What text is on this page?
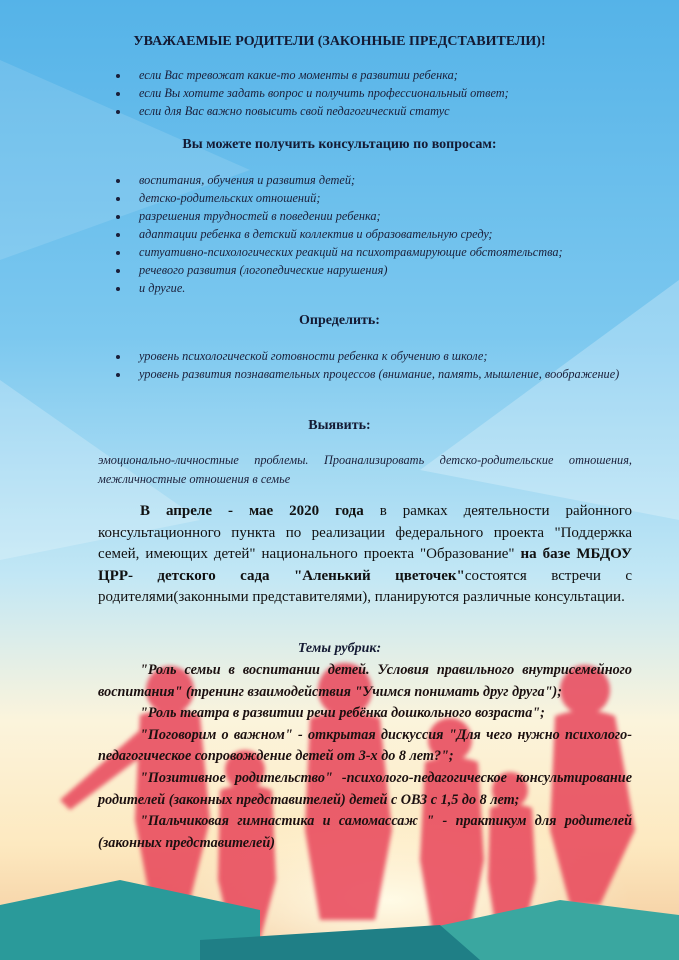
УВАЖАЕМЫЕ РОДИТЕЛИ (ЗАКОННЫЕ ПРЕДСТАВИТЕЛИ)!
если Вас тревожат какие-то моменты в развитии ребенка;
если Вы хотите задать вопрос и получить профессиональный ответ;
если для Вас важно повысить свой педагогический статус
Вы можете получить консультацию по вопросам:
воспитания, обучения и развития детей;
детско-родительских отношений;
разрешения трудностей в поведении ребенка;
адаптации ребенка в детский коллектив и образовательную среду;
ситуативно-психологических реакций на психотравмирующие обстоятельства;
речевого развития (логопедические нарушения)
и другие.
Определить:
уровень психологической готовности ребенка к обучению в школе;
уровень развития познавательных процессов (внимание, память, мышление, воображение)
Выявить:
эмоционально-личностные проблемы. Проанализировать детско-родительские отношения, межличностные отношения в семье
В апреле - мае 2020 года в рамках деятельности районного консультационного пункта по реализации федерального проекта "Поддержка семей, имеющих детей" национального проекта "Образование" на базе МБДОУ ЦРР- детского сада "Аленький цветочек"состоятся встречи с родителями(законными представителями), планируются различные консультации.
Темы рубрик:

"Роль семьи в воспитании детей. Условия правильного внутрисемейного воспитания" (тренинг взаимодействия "Учимся понимать друг друга");

"Роль театра в развитии речи ребёнка дошкольного возраста";

"Поговорим о важном" - открытая дискуссия "Для чего нужно психолого-педагогическое сопровождение детей от 3-х до 8 лет?";

"Позитивное родительство" -психолого-педагогическое консультирование родителей (законных представителей) детей с ОВЗ с 1,5 до 8 лет;

"Пальчиковая гимнастика и самомассаж " - практикум для родителей (законных представителей)
